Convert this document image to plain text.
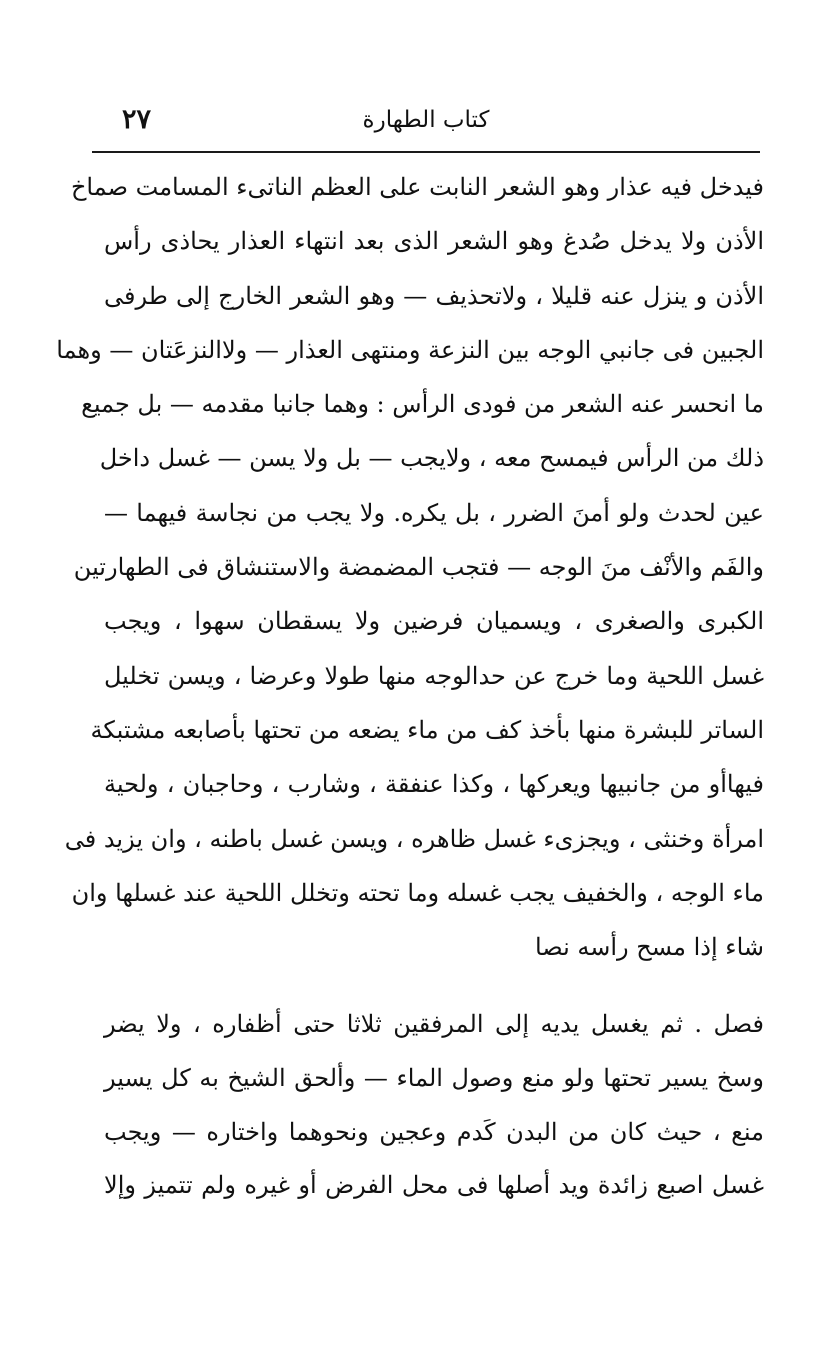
٢٧	كتاب الطهارة
فيدخل فيه عذار وهو الشعر النابت على العظم الناتىء المسامت صماخ
الأذن ولا يدخل صُدغ وهو الشعر الذى بعد انتهاء العذار يحاذى رأس
الأذن و ينزل عنه قليلا ، ولاتحذيف — وهو الشعر الخارج إلى طرفى
الجبين فى جانبي الوجه بين النزعة ومنتهى العذار — ولاالنزعَتان — وهما
ما انحسر عنه الشعر من فودى الرأس : وهما جانبا مقدمه — بل جميع
ذلك من الرأس فيمسح معه ، ولايجب — بل ولا يسن — غسل داخل
عين لحدث ولو أمنَ الضرر ، بل يكره. ولا يجب من نجاسة فيهما —
والفَم والأنْف منَ الوجه — فتجب المضمضة والاستنشاق فى الطهارتين
الكبرى والصغرى ، ويسميان فرضين ولا يسقطان سهوا ، ويجب
غسل اللحية وما خرج عن حدالوجه منها طولا وعرضا ، ويسن تخليل
الساتر للبشرة منها بأخذ كف من ماء يضعه من تحتها بأصابعه مشتبكة
فيهاأو من جانبيها ويعركها ، وكذا عنفقة ، وشارب ، وحاجبان ، ولحية
امرأة وخنثى ، ويجزىء غسل ظاهره ، ويسن غسل باطنه ، وان يزيد فى
ماء الوجه ، والخفيف يجب غسله وما تحته وتخلل اللحية عند غسلها وان
شاء إذا مسح رأسه نصا
فصل . ثم يغسل يديه إلى المرفقين ثلاثا حتى أظفاره ، ولا يضر
وسخ يسير تحتها ولو منع وصول الماء — وألحق الشيخ به كل يسير
منع ، حيث كان من البدن كَدم وعجين ونحوهما واختاره — ويجب
غسل اصبع زائدة ويد أصلها فى محل الفرض أو غيره ولم تتميز وإلا
